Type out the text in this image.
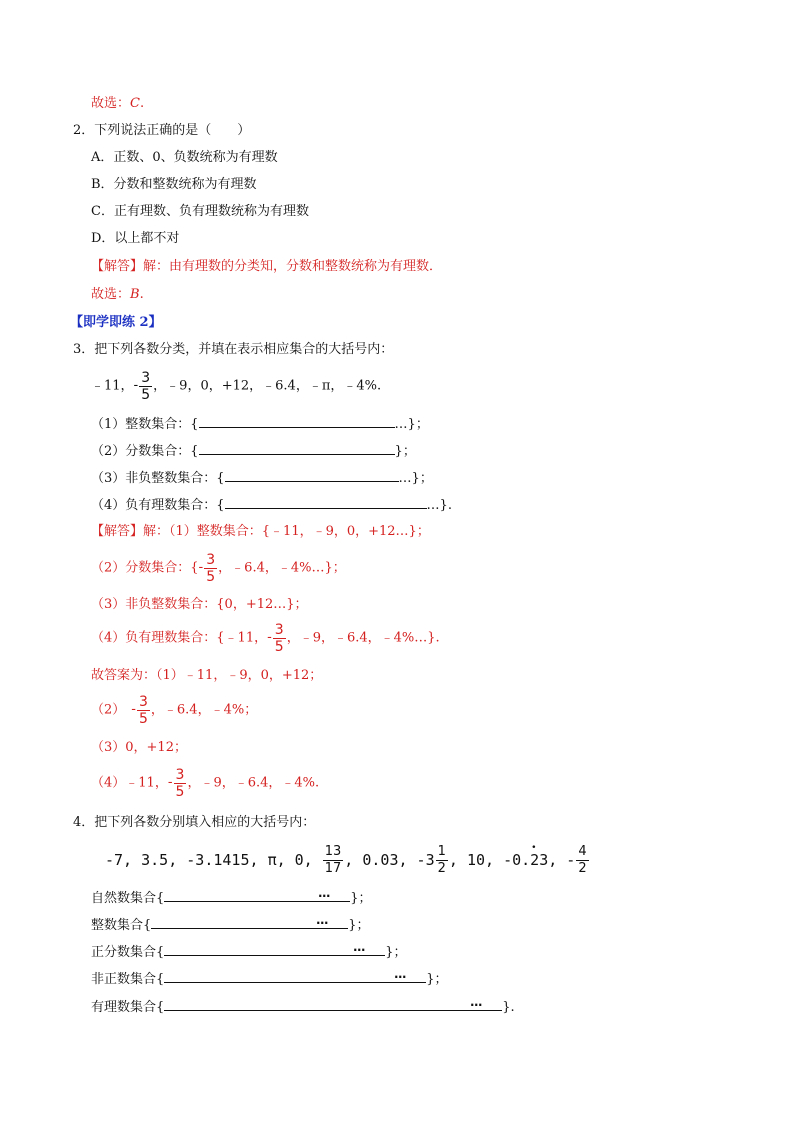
故选：C.
2．下列说法正确的是（　　）
A．正数、0、负数统称为有理数
B．分数和整数统称为有理数
C．正有理数、负有理数统称为有理数
D．以上都不对
【解答】解：由有理数的分类知，分数和整数统称为有理数．
故选：B.
【即学即练 2】
3．把下列各数分类，并填在表示相应集合的大括号内：
﹣11，- $\frac{3}{5}$ ，﹣9，0，+12，﹣6.4，﹣π，﹣4%.
（1）整数集合：{	…}；
（2）分数集合：{	}；
（3）非负整数集合：{	…}；
（4）负有理数集合：{	…}.
【解答】解：（1）整数集合：{﹣11，﹣9，0，+12…}；
（2）分数集合：{- $\frac{3}{5}$ ，﹣6.4，﹣4%…}；
（3）非负整数集合：{0，+12…}；
（4）负有理数集合：{﹣11，- $\frac{3}{5}$ ，﹣9，﹣6.4，﹣4%…}.
故答案为：（1）﹣11，﹣9，0，+12；
$(2) - \frac{3}{5}$ ，﹣6.4，﹣4%；
（3）0，+12；
（4）﹣11，- $\frac{3}{5}$ ，﹣9，﹣6.4，﹣4%.
4．把下列各数分别填入相应的大括号内：
-7, 3.5, -3.1415, π, 0, $\frac{13}{17}$ , 0.03, $-3 \frac{1}{2}$ , 10, -0.• 23, - $\frac{4}{2}$
自然数集合{	… }；
整数集合{	… }；
正分数集合{	… }；
非正数集合{	… }；
有理数集合{	… }.
